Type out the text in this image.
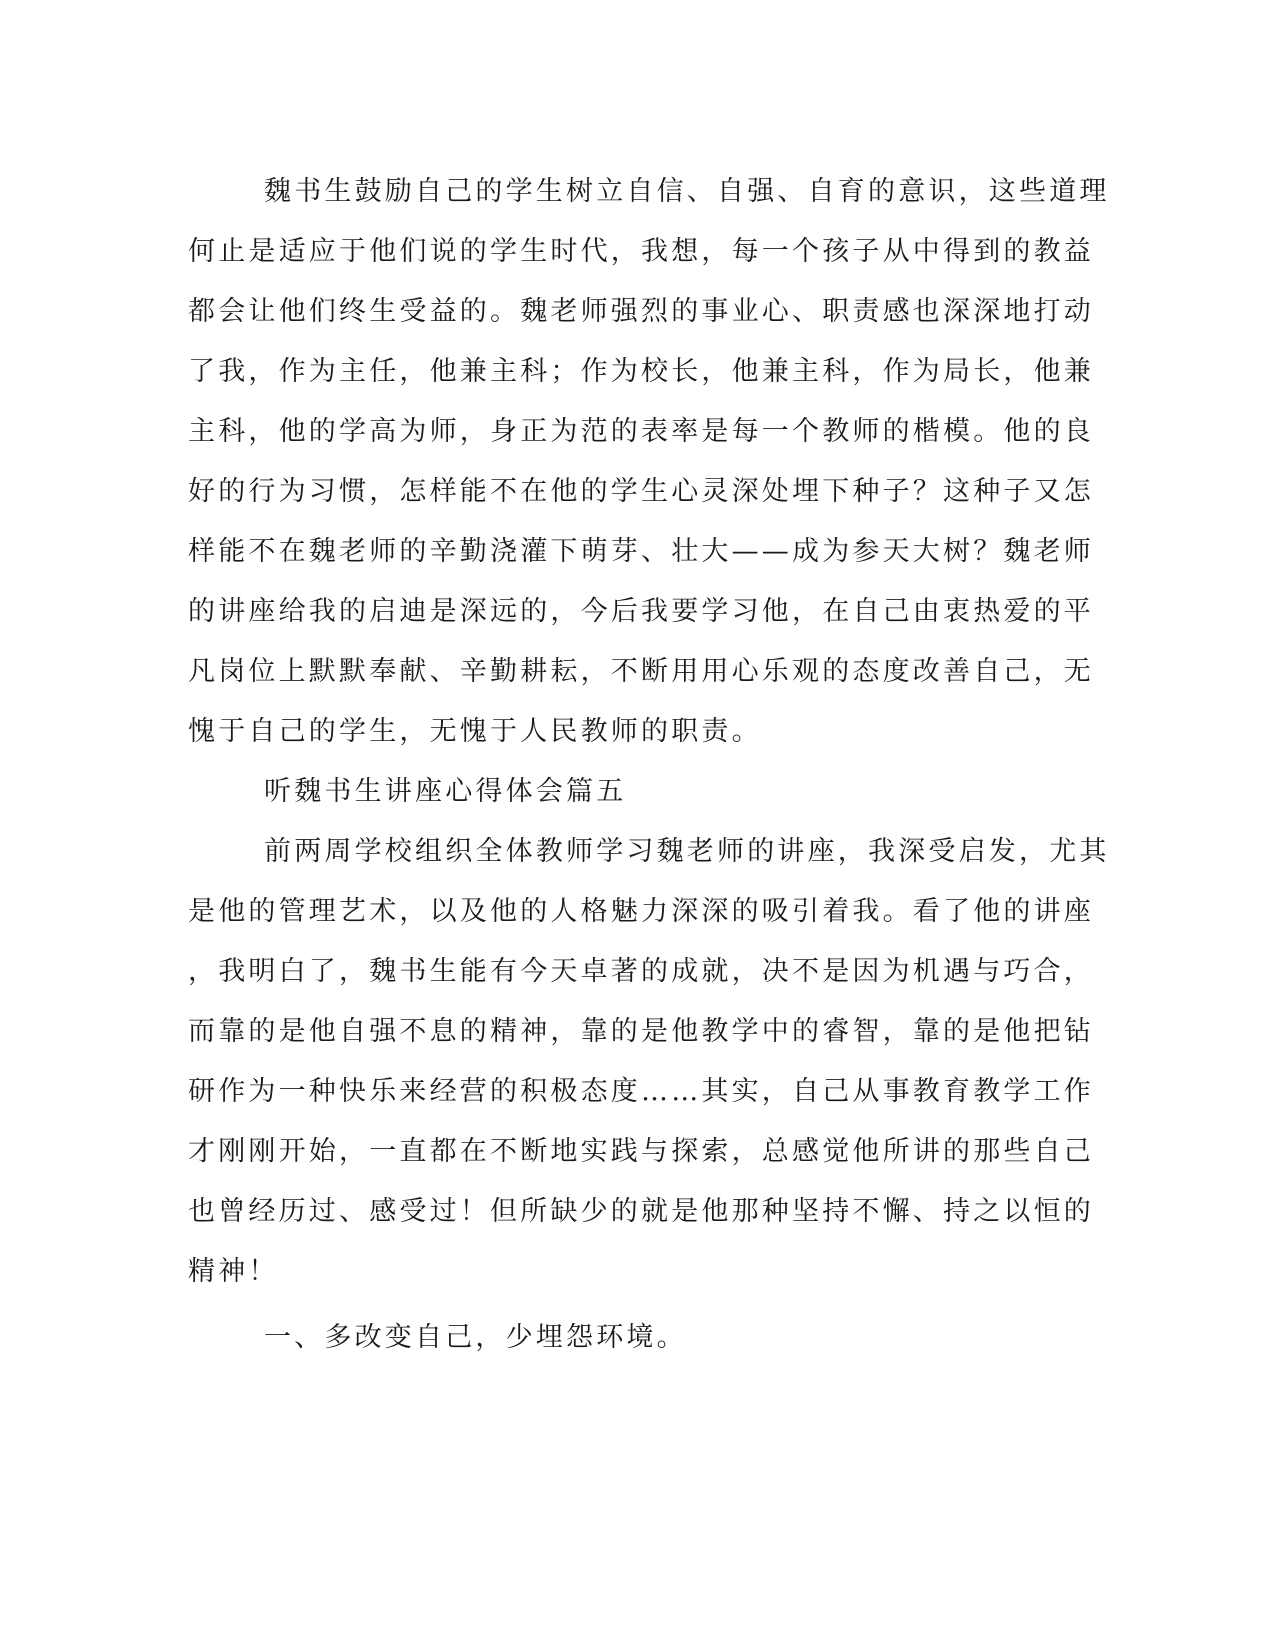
魏书生鼓励自己的学生树立自信、自强、自育的意识，这些道理
何止是适应于他们说的学生时代，我想，每一个孩子从中得到的教益
都会让他们终生受益的。魏老师强烈的事业心、职责感也深深地打动
了我，作为主任，他兼主科；作为校长，他兼主科，作为局长，他兼
主科，他的学高为师，身正为范的表率是每一个教师的楷模。他的良
好的行为习惯，怎样能不在他的学生心灵深处埋下种子？这种子又怎
样能不在魏老师的辛勤浇灌下萌芽、壮大——成为参天大树？魏老师
的讲座给我的启迪是深远的，今后我要学习他，在自己由衷热爱的平
凡岗位上默默奉献、辛勤耕耘，不断用用心乐观的态度改善自己，无
愧于自己的学生，无愧于人民教师的职责。
听魏书生讲座心得体会篇五
前两周学校组织全体教师学习魏老师的讲座，我深受启发，尤其
是他的管理艺术，以及他的人格魅力深深的吸引着我。看了他的讲座
，我明白了，魏书生能有今天卓著的成就，决不是因为机遇与巧合，
而靠的是他自强不息的精神，靠的是他教学中的睿智，靠的是他把钻
研作为一种快乐来经营的积极态度……其实，自己从事教育教学工作
才刚刚开始，一直都在不断地实践与探索，总感觉他所讲的那些自己
也曾经历过、感受过！但所缺少的就是他那种坚持不懈、持之以恒的
精神！
一、多改变自己，少埋怨环境。
